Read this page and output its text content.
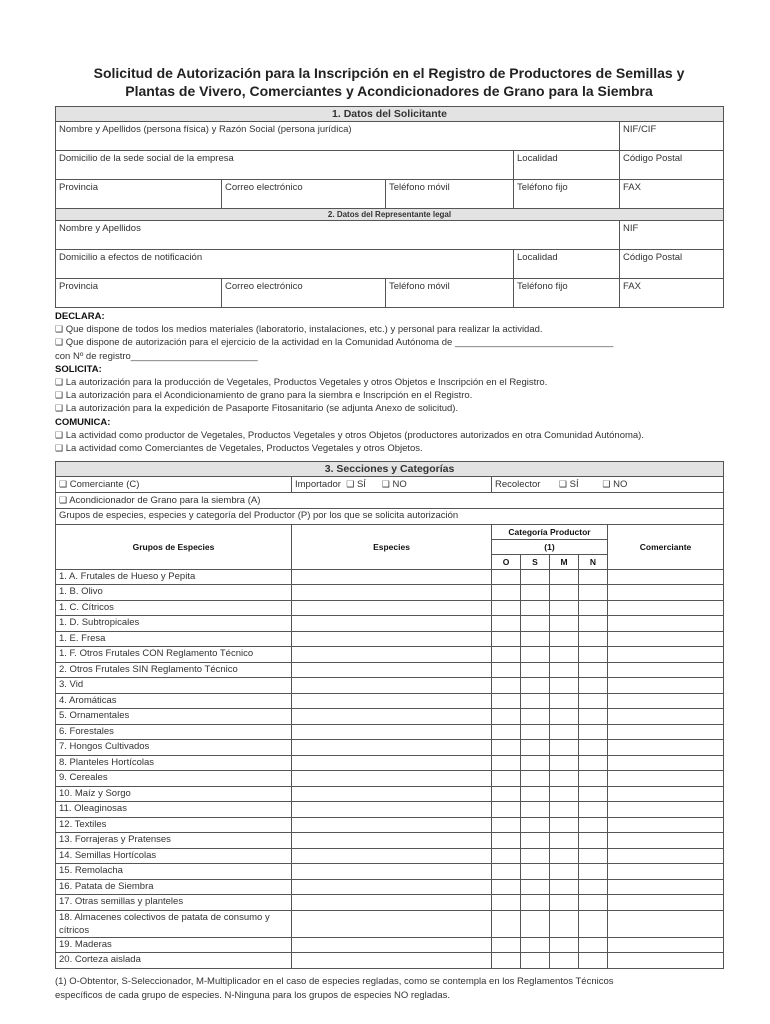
Solicitud de Autorización para la Inscripción en el Registro de Productores de Semillas y
Plantas de Vivero, Comerciantes y Acondicionadores de Grano para la Siembra
1. Datos del Solicitante				
Nombre y Apellidos (persona física) y Razón Social (persona jurídica)				NIF/CIF
Domicilio de la sede social de la empresa			Localidad	Código Postal
Provincia	Correo electrónico	Teléfono móvil	Teléfono fijo	FAX
2. Datos del Representante legal				
Nombre y Apellidos				NIF
Domicilio a efectos de notificación			Localidad	Código Postal
Provincia	Correo electrónico	Teléfono móvil	Teléfono fijo	FAX
DECLARA:
❑ Que dispone de todos los medios materiales (laboratorio, instalaciones, etc.) y personal para realizar la actividad.
❑ Que dispone de autorización para el ejercicio de la actividad en la Comunidad Autónoma de ______________________________
con Nº de registro________________________
SOLICITA:
❑ La autorización para la producción de Vegetales, Productos Vegetales y otros Objetos e Inscripción en el Registro.
❑ La autorización para el Acondicionamiento de grano para la siembra e Inscripción en el Registro.
❑ La autorización para la expedición de Pasaporte Fitosanitario (se adjunta Anexo de solicitud).
COMUNICA:
❑ La actividad como productor de Vegetales, Productos Vegetales y otros Objetos (productores autorizados en otra Comunidad Autónoma).
❑ La actividad como Comerciantes de Vegetales, Productos Vegetales y otros Objetos.
3. Secciones y Categorías						
❑ Comerciante (C)	Importador ❑ SÍ ❑ NO	Recolector ❑ SÍ ❑ NO				
❑ Acondicionador de Grano para la siembra (A)						
Grupos de especies, especies y categoría del Productor (P) por los que se solicita autorización						
Grupos de Especies	Especies	Categoría Productor				Comerciante
		(1)				
		O	S	M	N	
1. A. Frutales de Hueso y Pepita						
1. B. Olivo						
1. C. Cítricos						
1. D. Subtropicales						
1. E. Fresa						
1. F. Otros Frutales CON Reglamento Técnico						
2. Otros Frutales SIN Reglamento Técnico						
3. Vid						
4. Aromáticas						
5. Ornamentales						
6. Forestales						
7. Hongos Cultivados						
8. Planteles Hortícolas						
9. Cereales						
10. Maíz y Sorgo						
11. Oleaginosas						
12. Textiles						
13. Forrajeras y Pratenses						
14. Semillas Hortícolas						
15. Remolacha						
16. Patata de Siembra						
17. Otras semillas y planteles						
18. Almacenes colectivos de patata de consumo y cítricos						
19. Maderas						
20. Corteza aislada						
(1) O-Obtentor, S-Seleccionador, M-Multiplicador en el caso de especies regladas, como se contempla en los Reglamentos Técnicos
específicos de cada grupo de especies. N-Ninguna para los grupos de especies NO regladas.
